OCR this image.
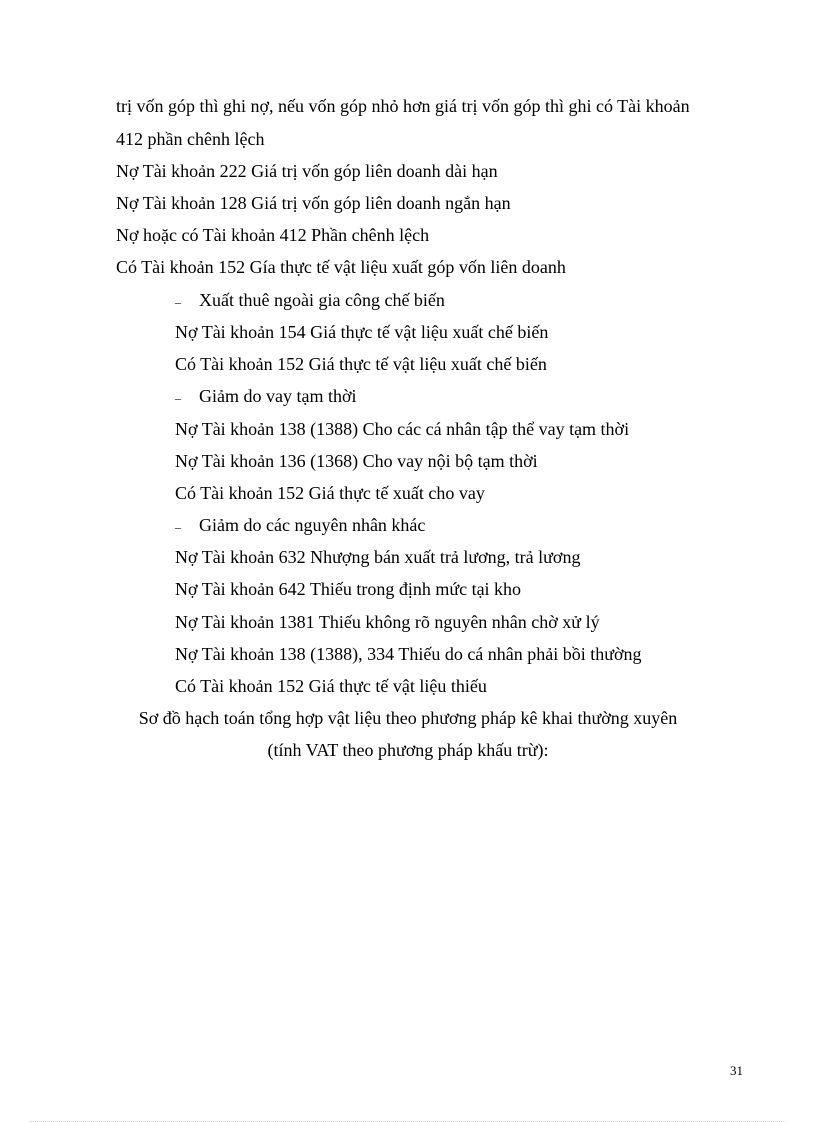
trị vốn góp thì ghi nợ, nếu vốn góp nhỏ hơn giá trị vốn góp thì ghi có Tài khoản

412 phần chênh lệch

Nợ Tài khoản 222 Giá trị vốn góp liên doanh dài hạn

Nợ Tài khoản 128 Giá trị vốn góp liên doanh ngắn hạn

Nợ hoặc có Tài khoản 412 Phần chênh lệch

Có Tài khoản 152 Gía thực tế vật liệu xuất góp vốn liên doanh

– Xuất thuê ngoài gia công chế biến

Nợ Tài khoản 154 Giá thực tế vật liệu xuất chế biến

Có Tài khoản 152 Giá thực tế vật liệu xuất chế biến

– Giảm do vay tạm thời

Nợ Tài khoản 138 (1388) Cho các cá nhân tập thể vay tạm thời

Nợ Tài khoản 136 (1368) Cho vay nội bộ tạm thời

Có Tài khoản 152 Giá thực tế xuất cho vay

– Giảm do các nguyên nhân khác

Nợ Tài khoản 632 Nhượng bán xuất trả lương, trả lương

Nợ Tài khoản 642 Thiếu trong định mức tại kho

Nợ Tài khoản 1381 Thiếu không rõ nguyên nhân chờ xử lý

Nợ Tài khoản 138 (1388), 334 Thiếu do cá nhân phải bồi thường

Có Tài khoản 152 Giá thực tế vật liệu thiếu

Sơ đồ hạch toán tổng hợp vật liệu theo phương pháp kê khai thường xuyên

(tính VAT theo phương pháp khấu trừ):

31
